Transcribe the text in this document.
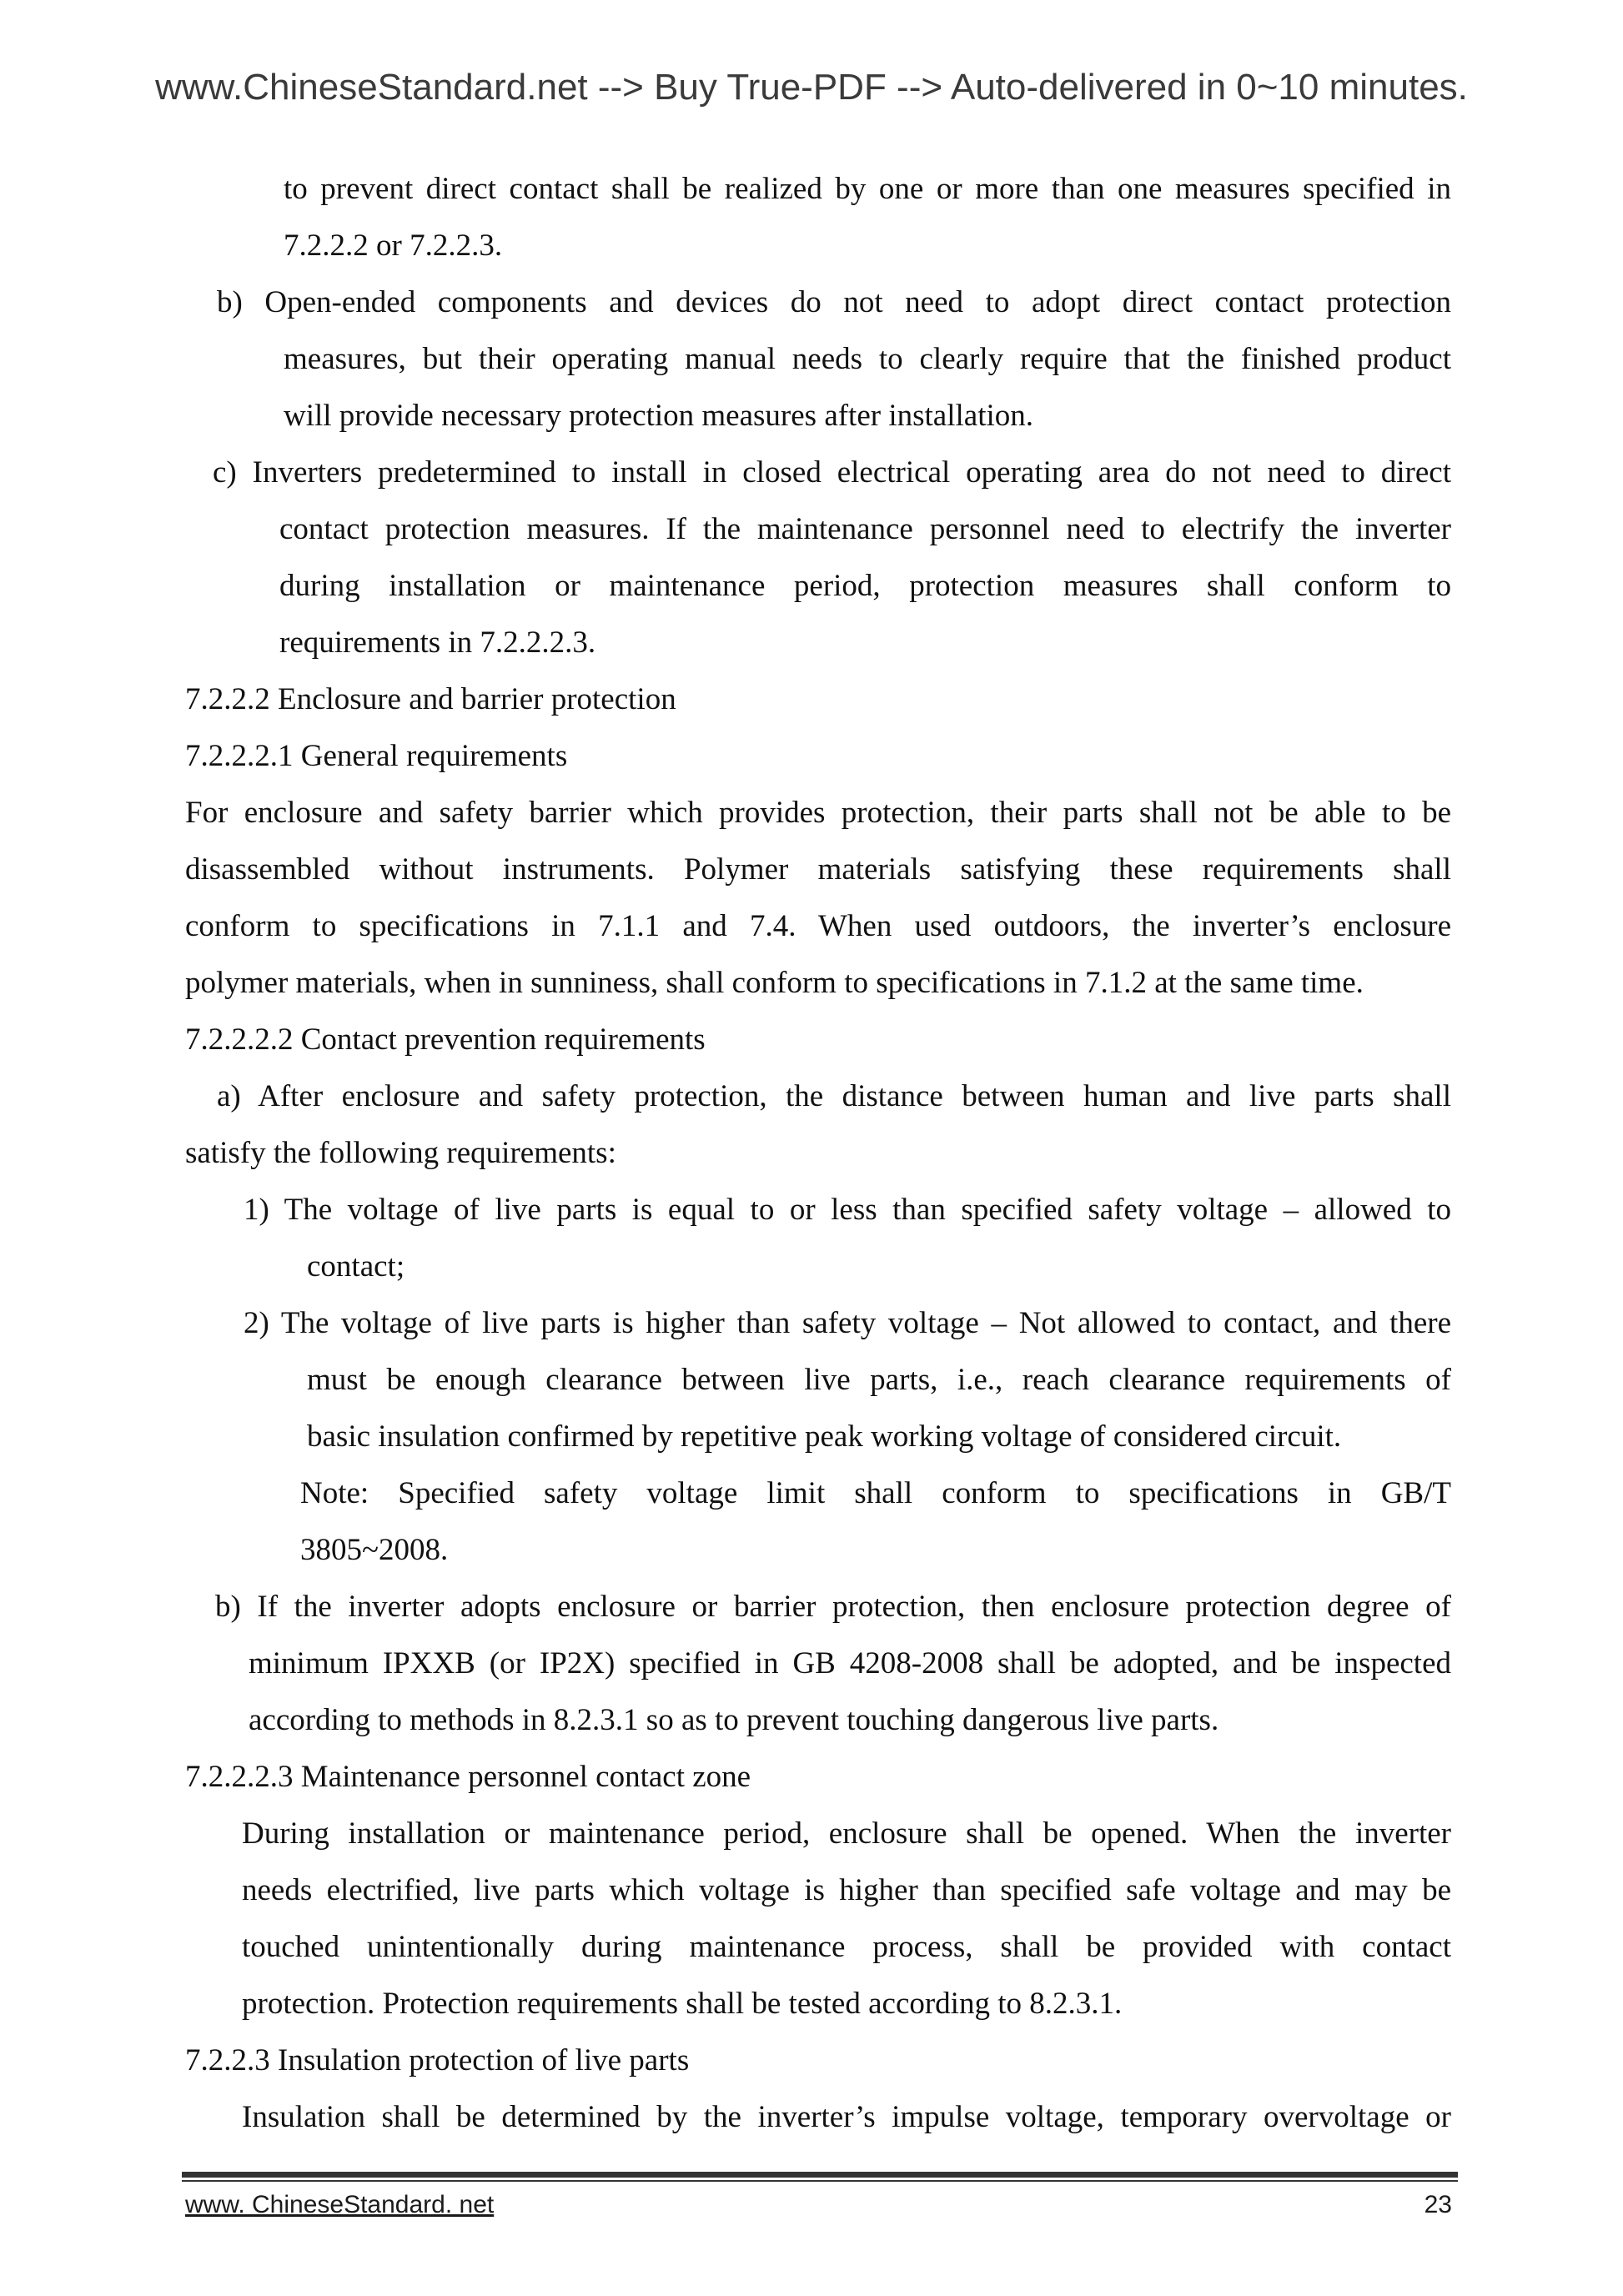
www.ChineseStandard.net --> Buy True-PDF --> Auto-delivered in 0~10 minutes.
to prevent direct contact shall be realized by one or more than one measures specified in
7.2.2.2 or 7.2.2.3.
b) Open-ended components and devices do not need to adopt direct contact protection
measures, but their operating manual needs to clearly require that the finished product
will provide necessary protection measures after installation.
c) Inverters predetermined to install in closed electrical operating area do not need to direct
contact protection measures. If the maintenance personnel need to electrify the inverter
during installation or maintenance period, protection measures shall conform to
requirements in 7.2.2.2.3.
7.2.2.2 Enclosure and barrier protection
7.2.2.2.1 General requirements
For enclosure and safety barrier which provides protection, their parts shall not be able to be
disassembled without instruments. Polymer materials satisfying these requirements shall
conform to specifications in 7.1.1 and 7.4. When used outdoors, the inverter’s enclosure
polymer materials, when in sunniness, shall conform to specifications in 7.1.2 at the same time.
7.2.2.2.2 Contact prevention requirements
a) After enclosure and safety protection, the distance between human and live parts shall
satisfy the following requirements:
1) The voltage of live parts is equal to or less than specified safety voltage – allowed to
contact;
2) The voltage of live parts is higher than safety voltage – Not allowed to contact, and there
must be enough clearance between live parts, i.e., reach clearance requirements of
basic insulation confirmed by repetitive peak working voltage of considered circuit.
Note: Specified safety voltage limit shall conform to specifications in GB/T
3805~2008.
b) If the inverter adopts enclosure or barrier protection, then enclosure protection degree of
minimum IPXXB (or IP2X) specified in GB 4208-2008 shall be adopted, and be inspected
according to methods in 8.2.3.1 so as to prevent touching dangerous live parts.
7.2.2.2.3 Maintenance personnel contact zone
During installation or maintenance period, enclosure shall be opened. When the inverter
needs electrified, live parts which voltage is higher than specified safe voltage and may be
touched unintentionally during maintenance process, shall be provided with contact
protection. Protection requirements shall be tested according to 8.2.3.1.
7.2.2.3 Insulation protection of live parts
Insulation shall be determined by the inverter’s impulse voltage, temporary overvoltage or
www. ChineseStandard. net	23
